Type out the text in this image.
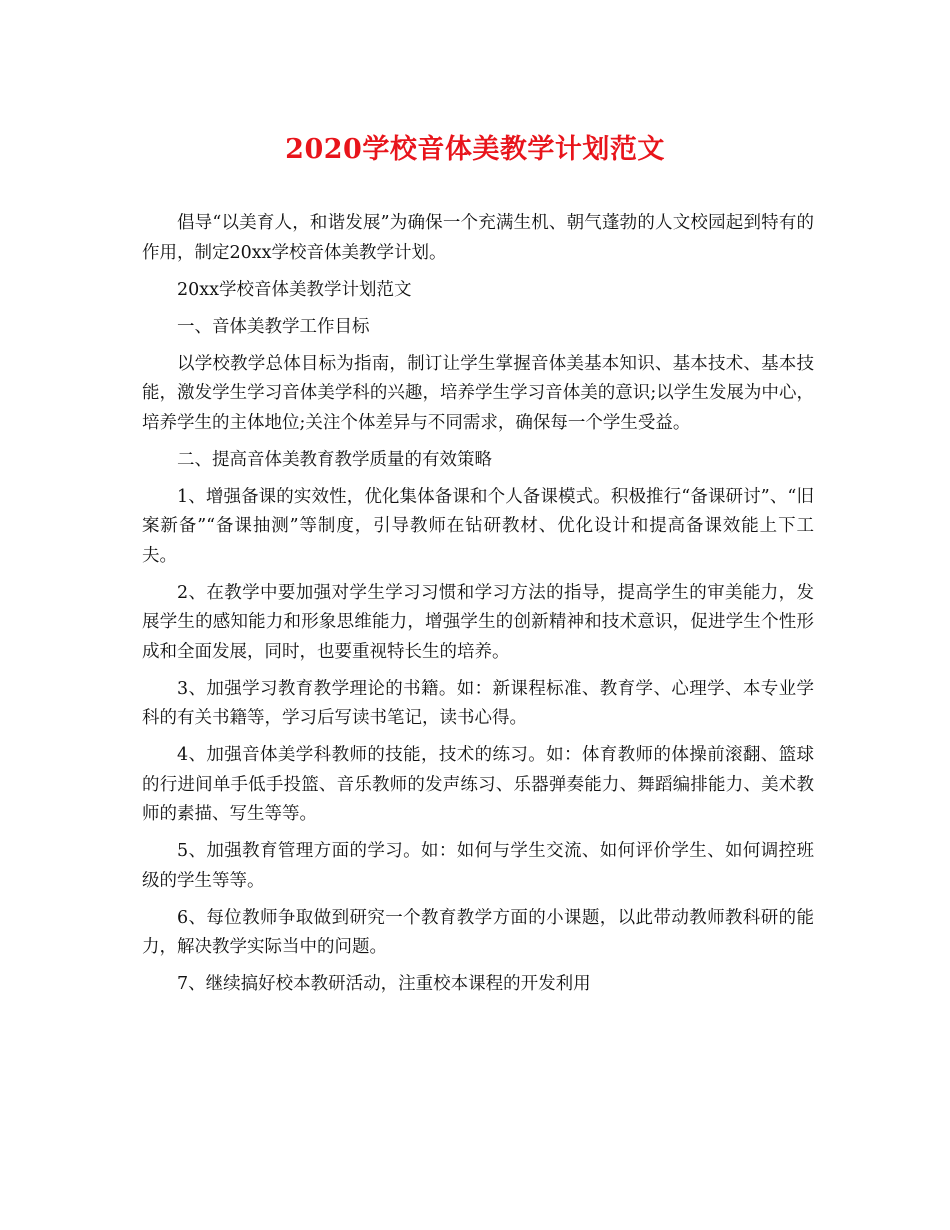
2020学校音体美教学计划范文

倡导“以美育人，和谐发展”为确保一个充满生机、朝气蓬勃的人文校园起到特有的作用，制定20xx学校音体美教学计划。

20xx学校音体美教学计划范文

一、音体美教学工作目标

以学校教学总体目标为指南，制订让学生掌握音体美基本知识、基本技术、基本技能，激发学生学习音体美学科的兴趣，培养学生学习音体美的意识;以学生发展为中心，培养学生的主体地位;关注个体差异与不同需求，确保每一个学生受益。

二、提高音体美教育教学质量的有效策略

1、增强备课的实效性，优化集体备课和个人备课模式。积极推行“备课研讨”、“旧案新备”“备课抽测”等制度，引导教师在钻研教材、优化设计和提高备课效能上下工夫。

2、在教学中要加强对学生学习习惯和学习方法的指导，提高学生的审美能力，发展学生的感知能力和形象思维能力，增强学生的创新精神和技术意识，促进学生个性形成和全面发展，同时，也要重视特长生的培养。

3、加强学习教育教学理论的书籍。如：新课程标准、教育学、心理学、本专业学科的有关书籍等，学习后写读书笔记，读书心得。

4、加强音体美学科教师的技能，技术的练习。如：体育教师的体操前滚翻、篮球的行进间单手低手投篮、音乐教师的发声练习、乐器弹奏能力、舞蹈编排能力、美术教师的素描、写生等等。

5、加强教育管理方面的学习。如：如何与学生交流、如何评价学生、如何调控班级的学生等等。

6、每位教师争取做到研究一个教育教学方面的小课题，以此带动教师教科研的能力，解决教学实际当中的问题。

7、继续搞好校本教研活动，注重校本课程的开发利用
